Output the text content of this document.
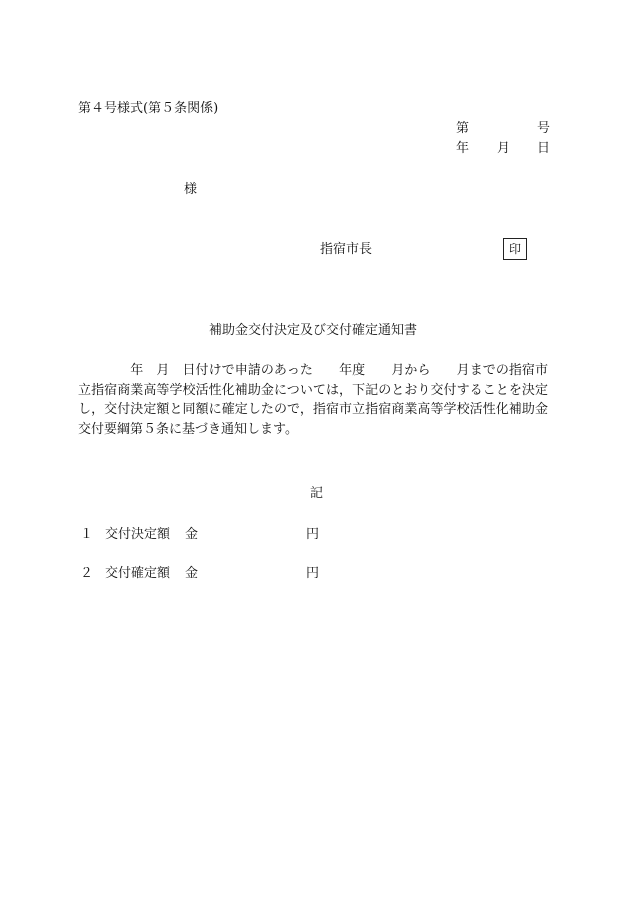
第４号様式(第５条関係)
第	号
年 月 日
様
指宿市長	印
補助金交付決定及び交付確定通知書
　　　　年　月　日付けで申請のあった　　年度　　月から　　月までの指宿市立指宿商業高等学校活性化補助金については，下記のとおり交付することを決定し，交付決定額と同額に確定したので，指宿市立指宿商業高等学校活性化補助金交付要綱第５条に基づき通知します。
記
１ 交付決定額 金	円
２ 交付確定額 金	円
